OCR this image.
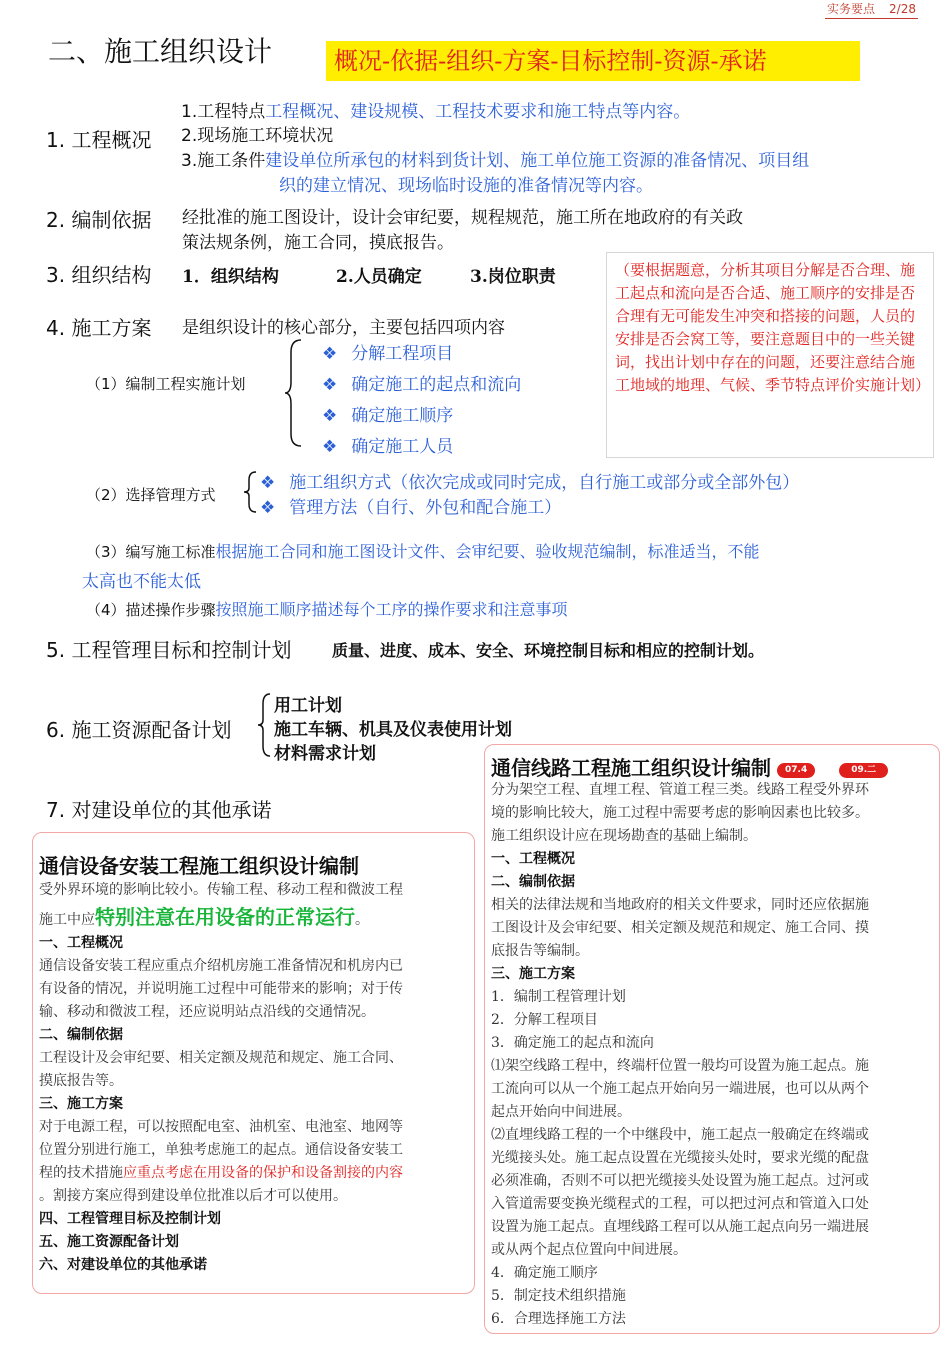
实务要点 2/28
二、施工组织设计	概况-依据-组织-方案-目标控制-资源-承诺
1. 工程概况
1.工程特点工程概况、建设规模、工程技术要求和施工特点等内容。
2.现场施工环境状况
3.施工条件建设单位所承包的材料到货计划、施工单位施工资源的准备情况、项目组
织的建立情况、现场临时设施的准备情况等内容。
2. 编制依据 经批准的施工图设计，设计会审纪要，规程规范，施工所在地政府的有关政
策法规条例，施工合同，摸底报告。
3. 组织结构 1．组织结构	2.人员确定	3.岗位职责	（要根据题意，分析其项目分解是否合理、施工起点和流向是否合适、施工顺序的安排是否合理有无可能发生冲突和搭接的问题，人员的安排是否会窝工等，要注意题目中的一些关键词，找出计划中存在的问题，还要注意结合施工地域的地理、气候、季节特点评价实施计划）
4. 施工方案 是组织设计的核心部分，主要包括四项内容
（1）编制工程实施计划
❖ 分解工程项目
❖ 确定施工的起点和流向
❖ 确定施工顺序
❖ 确定施工人员
（2）选择管理方式
❖ 施工组织方式（依次完成或同时完成，自行施工或部分或全部外包）
❖ 管理方法（自行、外包和配合施工）
（3）编写施工标准根据施工合同和施工图设计文件、会审纪要、验收规范编制，标准适当，不能
太高也不能太低
（4）描述操作步骤按照施工顺序描述每个工序的操作要求和注意事项
5. 工程管理目标和控制计划	质量、进度、成本、安全、环境控制目标和相应的控制计划。
6. 施工资源配备计划
用工计划
施工车辆、机具及仪表使用计划
材料需求计划
7. 对建设单位的其他承诺
通信设备安装工程施工组织设计编制
受外界环境的影响比较小。传输工程、移动工程和微波工程
施工中应特别注意在用设备的正常运行。
一、工程概况
通信设备安装工程应重点介绍机房施工准备情况和机房内已
有设备的情况，并说明施工过程中可能带来的影响；对于传
输、移动和微波工程，还应说明站点沿线的交通情况。
二、编制依据
工程设计及会审纪要、相关定额及规范和规定、施工合同、
摸底报告等。
三、施工方案
对于电源工程，可以按照配电室、油机室、电池室、地网等
位置分别进行施工，单独考虑施工的起点。通信设备安装工
程的技术措施应重点考虑在用设备的保护和设备割接的内容
。割接方案应得到建设单位批准以后才可以使用。
四、工程管理目标及控制计划
五、施工资源配备计划
六、对建设单位的其他承诺
通信线路工程施工组织设计编制 07.4	09.二
分为架空工程、直埋工程、管道工程三类。线路工程受外界环
境的影响比较大，施工过程中需要考虑的影响因素也比较多。
施工组织设计应在现场勘查的基础上编制。
一、工程概况
二、编制依据
相关的法律法规和当地政府的相关文件要求，同时还应依据施
工图设计及会审纪要、相关定额及规范和规定、施工合同、摸
底报告等编制。
三、施工方案
1．编制工程管理计划
2．分解工程项目
3．确定施工的起点和流向
⑴架空线路工程中，终端杆位置一般均可设置为施工起点。施
工流向可以从一个施工起点开始向另一端进展，也可以从两个
起点开始向中间进展。
⑵直埋线路工程的一个中继段中，施工起点一般确定在终端或
光缆接头处。施工起点设置在光缆接头处时，要求光缆的配盘
必须准确，否则不可以把光缆接头处设置为施工起点。过河或
入管道需要变换光缆程式的工程，可以把过河点和管道入口处
设置为施工起点。直埋线路工程可以从施工起点向另一端进展
或从两个起点位置向中间进展。
4．确定施工顺序
5．制定技术组织措施
6．合理选择施工方法
